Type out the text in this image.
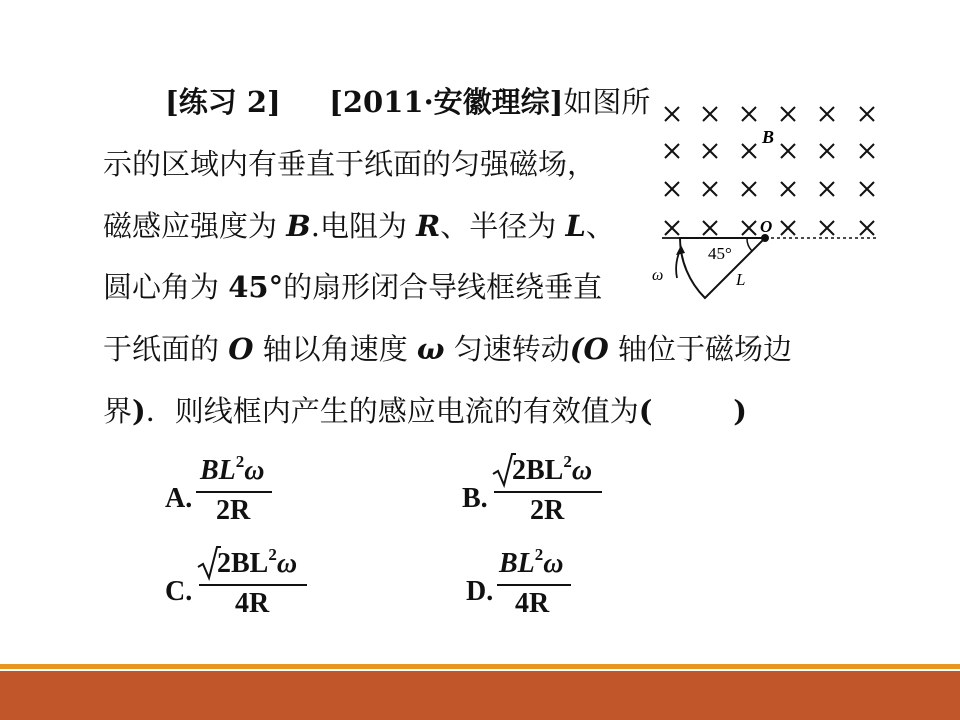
[练习 2] [2011·安徽理综]如图所
示的区域内有垂直于纸面的匀强磁场，
磁感应强度为 B.电阻为 R、半径为 L、
圆心角为 45°的扇形闭合导线框绕垂直
于纸面的 O 轴以角速度 ω 匀速转动(O 轴位于磁场边
界)．则线框内产生的感应电流的有效值为(        )
B
O
45°
L
ω
A.
$BL^2\omega$
2R	B.
$2BL^2\omega$
2R
C.
$2BL^2\omega$
4R	D.
$BL^2\omega$
4R
